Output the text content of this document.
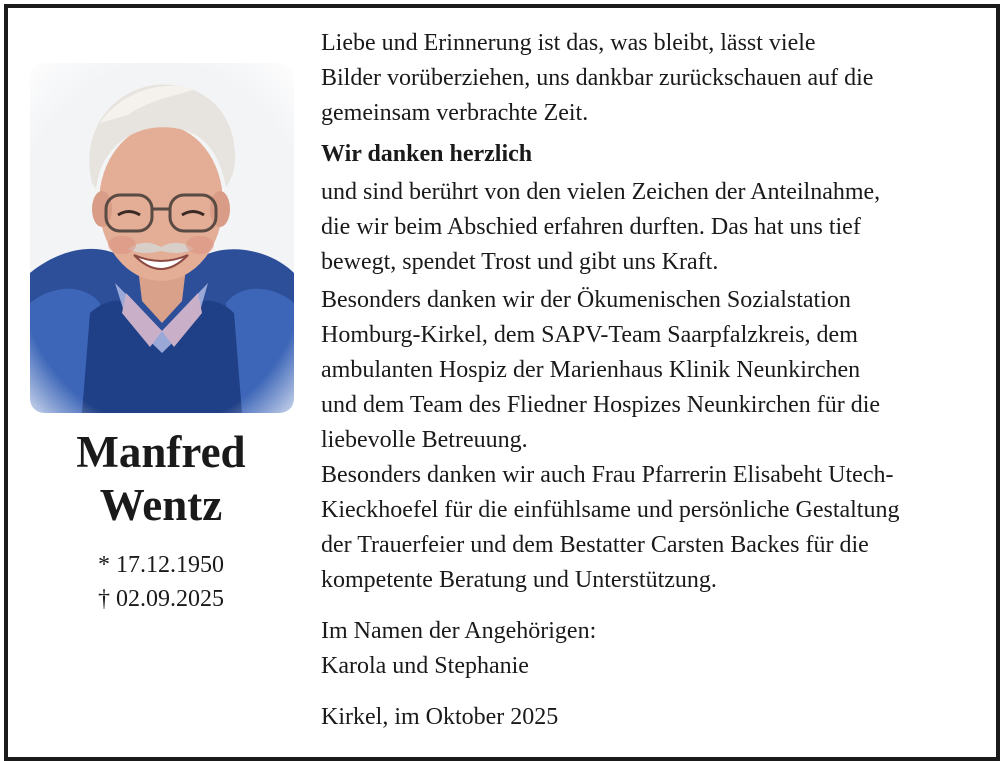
Manfred
Wentz
* 17.12.1950
† 02.09.2025

Liebe und Erinnerung ist das, was bleibt, lässt viele
Bilder vorüberziehen, uns dankbar zurückschauen auf die
gemeinsam verbrachte Zeit.

Wir danken herzlich

und sind berührt von den vielen Zeichen der Anteilnahme,
die wir beim Abschied erfahren durften. Das hat uns tief
bewegt, spendet Trost und gibt uns Kraft.

Besonders danken wir der Ökumenischen Sozialstation
Homburg-Kirkel, dem SAPV-Team Saarpfalzkreis, dem
ambulanten Hospiz der Marienhaus Klinik Neunkirchen
und dem Team des Fliedner Hospizes Neunkirchen für die
liebevolle Betreuung.

Besonders danken wir auch Frau Pfarrerin Elisabeht Utech-
Kieckhoefel für die einfühlsame und persönliche Gestaltung
der Trauerfeier und dem Bestatter Carsten Backes für die
kompetente Beratung und Unterstützung.

Im Namen der Angehörigen:
Karola und Stephanie

Kirkel, im Oktober 2025
